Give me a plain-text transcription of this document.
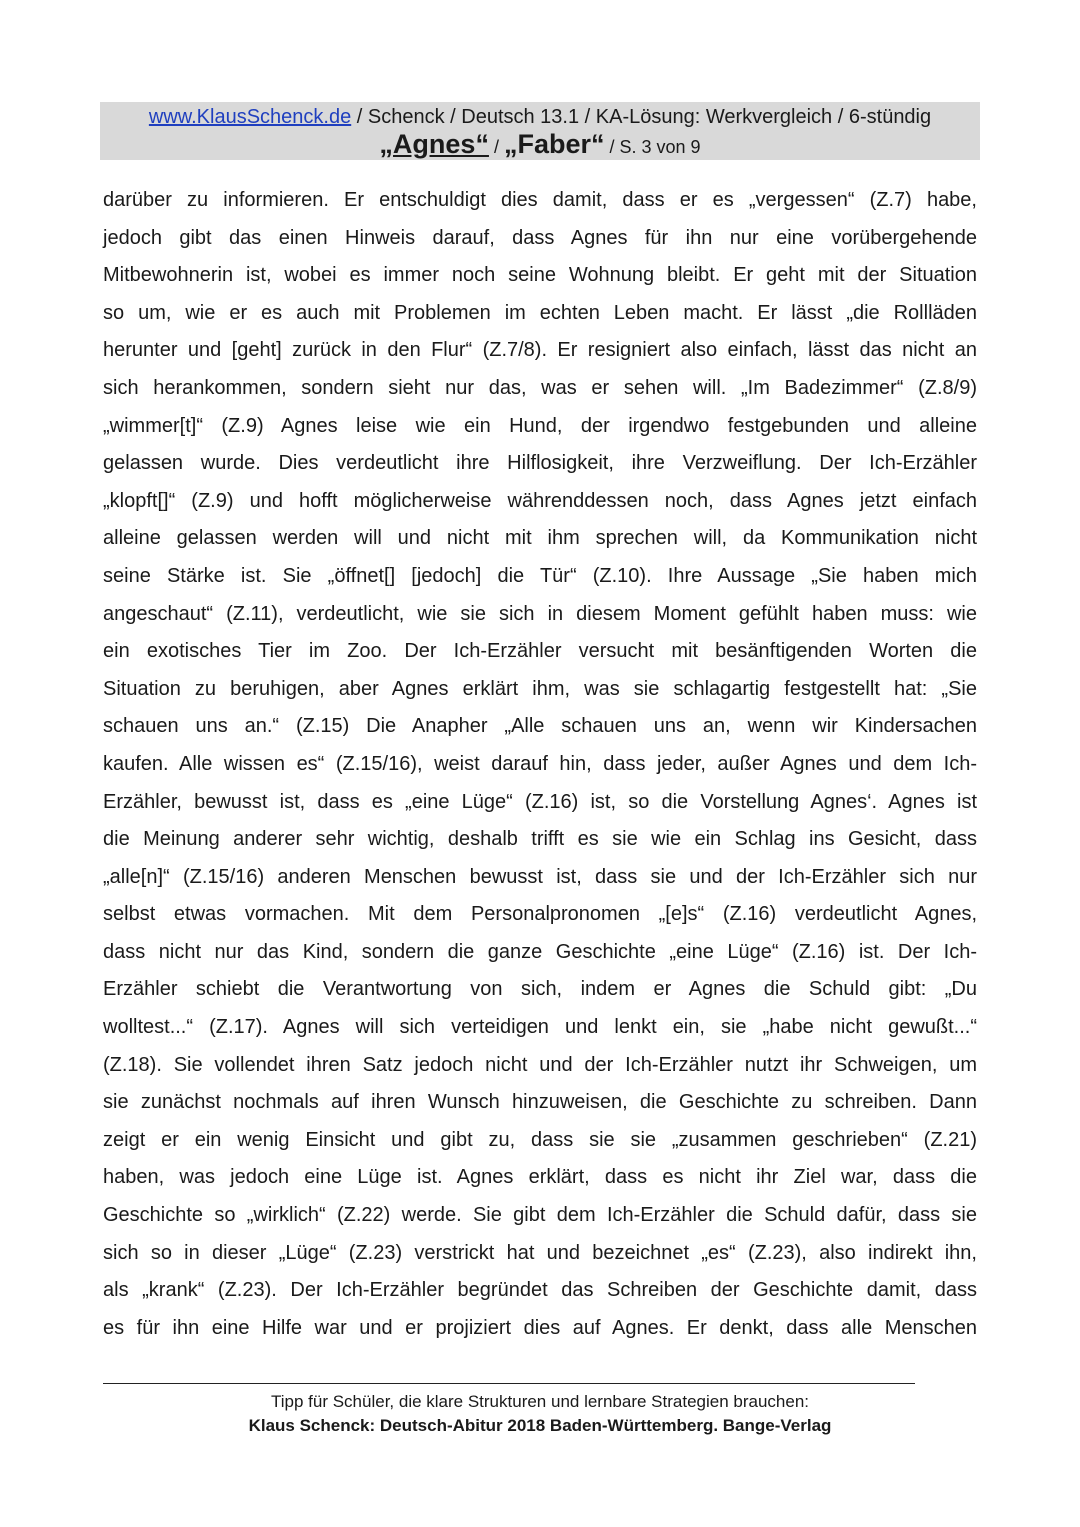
www.KlausSchenck.de / Schenck / Deutsch 13.1 / KA-Lösung: Werkvergleich / 6-stündig
„Agnes“ / „Faber“ / S. 3 von 9
darüber zu informieren. Er entschuldigt dies damit, dass er es „vergessen“ (Z.7) habe,
jedoch gibt das einen Hinweis darauf, dass Agnes für ihn nur eine vorübergehende
Mitbewohnerin ist, wobei es immer noch seine Wohnung bleibt. Er geht mit der Situation
so um, wie er es auch mit Problemen im echten Leben macht. Er lässt „die Rollläden
herunter und [geht] zurück in den Flur“ (Z.7/8). Er resigniert also einfach, lässt das nicht an
sich herankommen, sondern sieht nur das, was er sehen will. „Im Badezimmer“ (Z.8/9)
„wimmer[t]“ (Z.9) Agnes leise wie ein Hund, der irgendwo festgebunden und alleine
gelassen wurde. Dies verdeutlicht ihre Hilflosigkeit, ihre Verzweiflung. Der Ich-Erzähler
„klopft[]“ (Z.9) und hofft möglicherweise währenddessen noch, dass Agnes jetzt einfach
alleine gelassen werden will und nicht mit ihm sprechen will, da Kommunikation nicht
seine Stärke ist. Sie „öffnet[] [jedoch] die Tür“ (Z.10). Ihre Aussage „Sie haben mich
angeschaut“ (Z.11), verdeutlicht, wie sie sich in diesem Moment gefühlt haben muss: wie
ein exotisches Tier im Zoo. Der Ich-Erzähler versucht mit besänftigenden Worten die
Situation zu beruhigen, aber Agnes erklärt ihm, was sie schlagartig festgestellt hat: „Sie
schauen uns an.“ (Z.15) Die Anapher „Alle schauen uns an, wenn wir Kindersachen
kaufen. Alle wissen es“ (Z.15/16), weist darauf hin, dass jeder, außer Agnes und dem Ich-
Erzähler, bewusst ist, dass es „eine Lüge“ (Z.16) ist, so die Vorstellung Agnes‘. Agnes ist
die Meinung anderer sehr wichtig, deshalb trifft es sie wie ein Schlag ins Gesicht, dass
„alle[n]“ (Z.15/16) anderen Menschen bewusst ist, dass sie und der Ich-Erzähler sich nur
selbst etwas vormachen. Mit dem Personalpronomen „[e]s“ (Z.16) verdeutlicht Agnes,
dass nicht nur das Kind, sondern die ganze Geschichte „eine Lüge“ (Z.16) ist. Der Ich-
Erzähler schiebt die Verantwortung von sich, indem er Agnes die Schuld gibt: „Du
wolltest...“ (Z.17). Agnes will sich verteidigen und lenkt ein, sie „habe nicht gewußt...“
(Z.18). Sie vollendet ihren Satz jedoch nicht und der Ich-Erzähler nutzt ihr Schweigen, um
sie zunächst nochmals auf ihren Wunsch hinzuweisen, die Geschichte zu schreiben. Dann
zeigt er ein wenig Einsicht und gibt zu, dass sie sie „zusammen geschrieben“ (Z.21)
haben, was jedoch eine Lüge ist. Agnes erklärt, dass es nicht ihr Ziel war, dass die
Geschichte so „wirklich“ (Z.22) werde. Sie gibt dem Ich-Erzähler die Schuld dafür, dass sie
sich so in dieser „Lüge“ (Z.23) verstrickt hat und bezeichnet „es“ (Z.23), also indirekt ihn,
als „krank“ (Z.23). Der Ich-Erzähler begründet das Schreiben der Geschichte damit, dass
es für ihn eine Hilfe war und er projiziert dies auf Agnes. Er denkt, dass alle Menschen
Tipp für Schüler, die klare Strukturen und lernbare Strategien brauchen:
Klaus Schenck: Deutsch-Abitur 2018 Baden-Württemberg. Bange-Verlag
